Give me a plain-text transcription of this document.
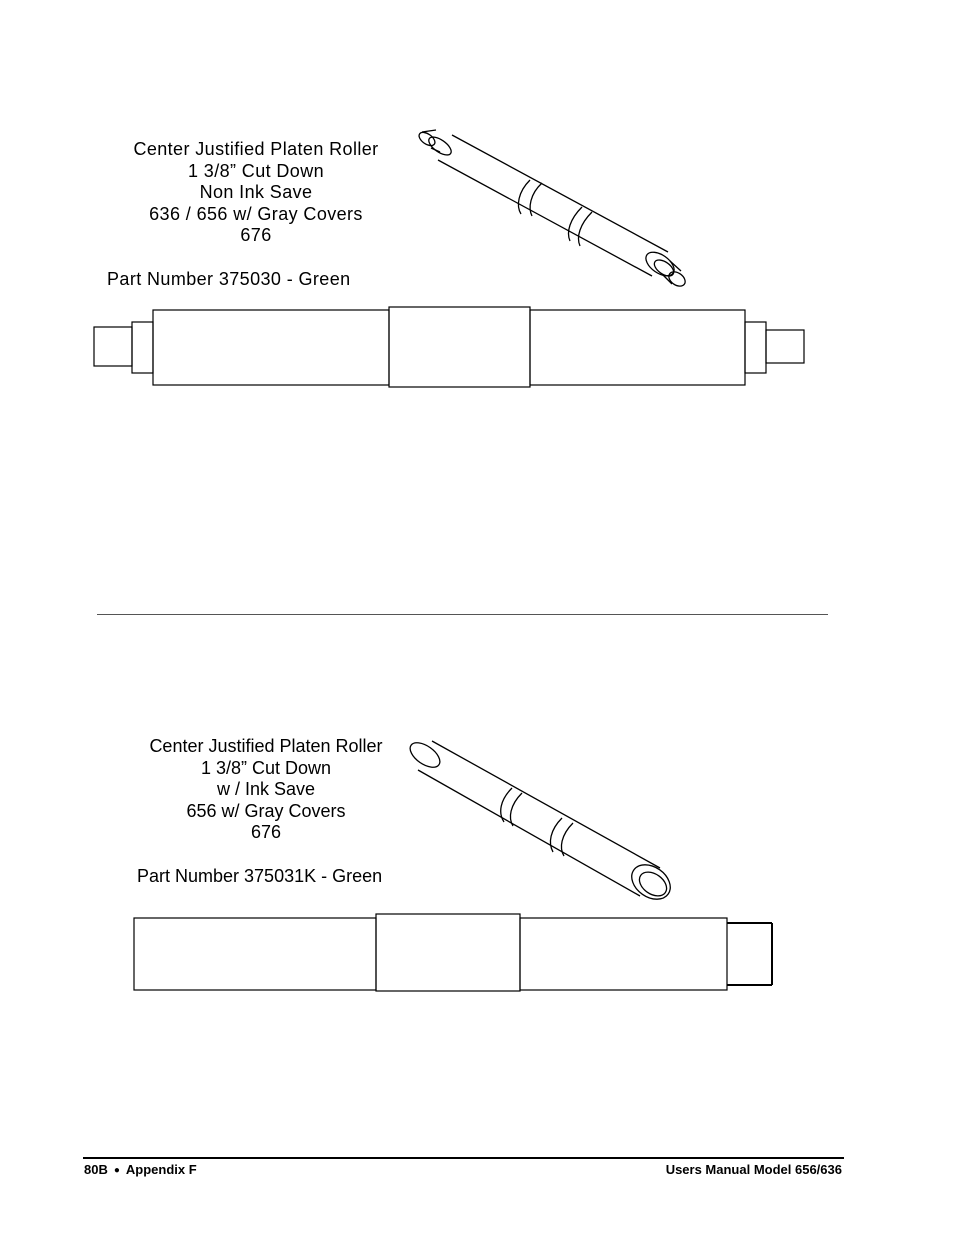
Center Justified Platen Roller
1 3/8” Cut Down
Non Ink Save
636 / 656 w/ Gray Covers
676
Part Number 375030 - Green
Center Justified Platen Roller
1 3/8” Cut Down
w / Ink Save
656 w/ Gray Covers
676
Part Number 375031K - Green
80B ● Appendix F	Users Manual Model 656/636
